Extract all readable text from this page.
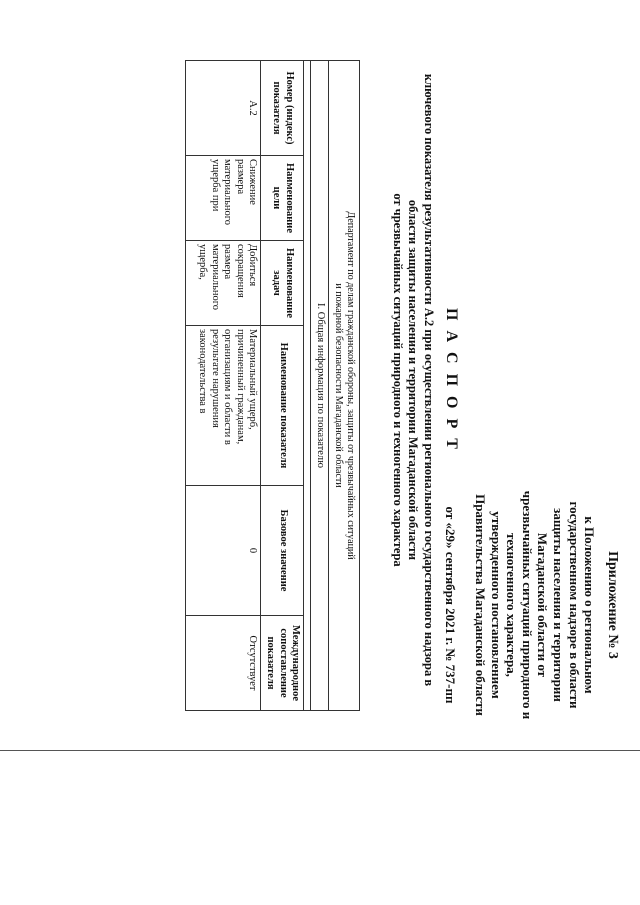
Приложение № 3
к Положению о региональном
государственном надзоре в области
защиты населения и территории
Магаданской области от
чрезвычайных ситуаций природного и
техногенного характера,
утвержденного постановлением
Правительства Магаданской области
от «29» сентября 2021 г. № 737-пп
П А С П О Р Т
ключевого показателя результативности А.2 при осуществлении регионального государственного надзора в
области защиты населения и территории Магаданской области
от чрезвычайных ситуаций природного и техногенного характера
Департамент по делам гражданской обороны, защиты от чрезвычайных ситуаций
и пожарной безопасности Магаданской области					

I. Общая информация по показателю					

Номер (индекс) показателя	Наименование цели	Наименование задач	Наименование показателя	Базовое значение	Международное сопоставление показателя
А.2	Снижение размера материального ущерба при	Добиться сокращения размера материального ущерба,	Материальный ущерб, причиненный гражданам, организациям и области в результате нарушения законодательства в	0	Отсутствует
